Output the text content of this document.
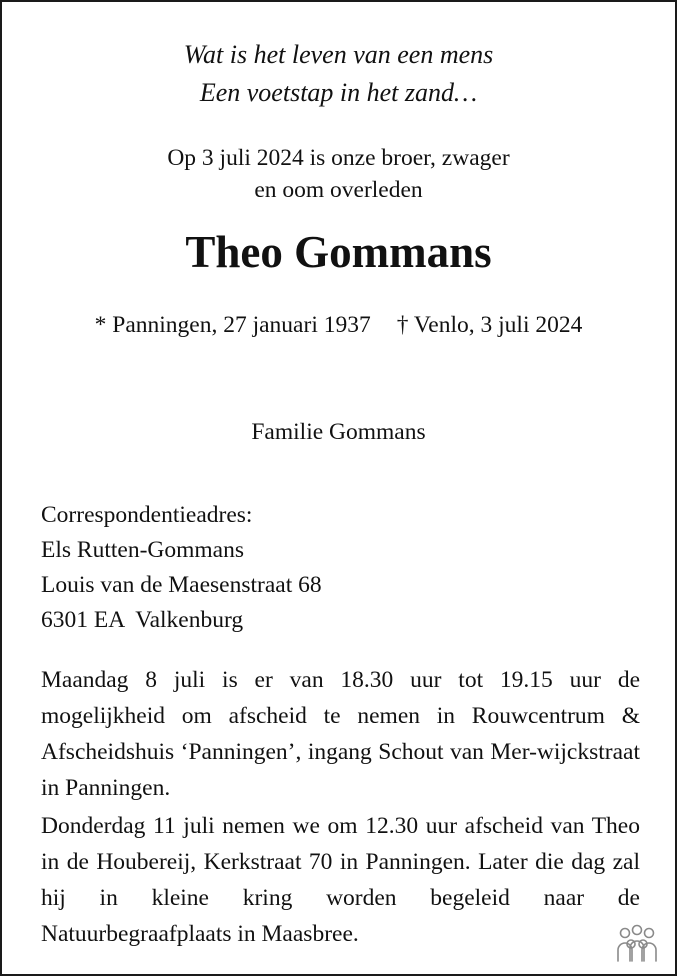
Wat is het leven van een mens
Een voetstap in het zand…
Op 3 juli 2024 is onze broer, zwager
en oom overleden
Theo Gommans
* Panningen, 27 januari 1937 † Venlo, 3 juli 2024
Familie Gommans
Correspondentieadres:
Els Rutten-Gommans
Louis van de Maesenstraat 68
6301 EA  Valkenburg
Maandag 8 juli is er van 18.30 uur tot 19.15 uur de mogelijkheid om afscheid te nemen in Rouwcentrum & Afscheidshuis ‘Panningen’, ingang Schout van Mer-wijckstraat in Panningen.
Donderdag 11 juli nemen we om 12.30 uur afscheid van Theo in de Houbereij, Kerkstraat 70 in Panningen. Later die dag zal hij in kleine kring worden begeleid naar de Natuurbegraafplaats in Maasbree.
